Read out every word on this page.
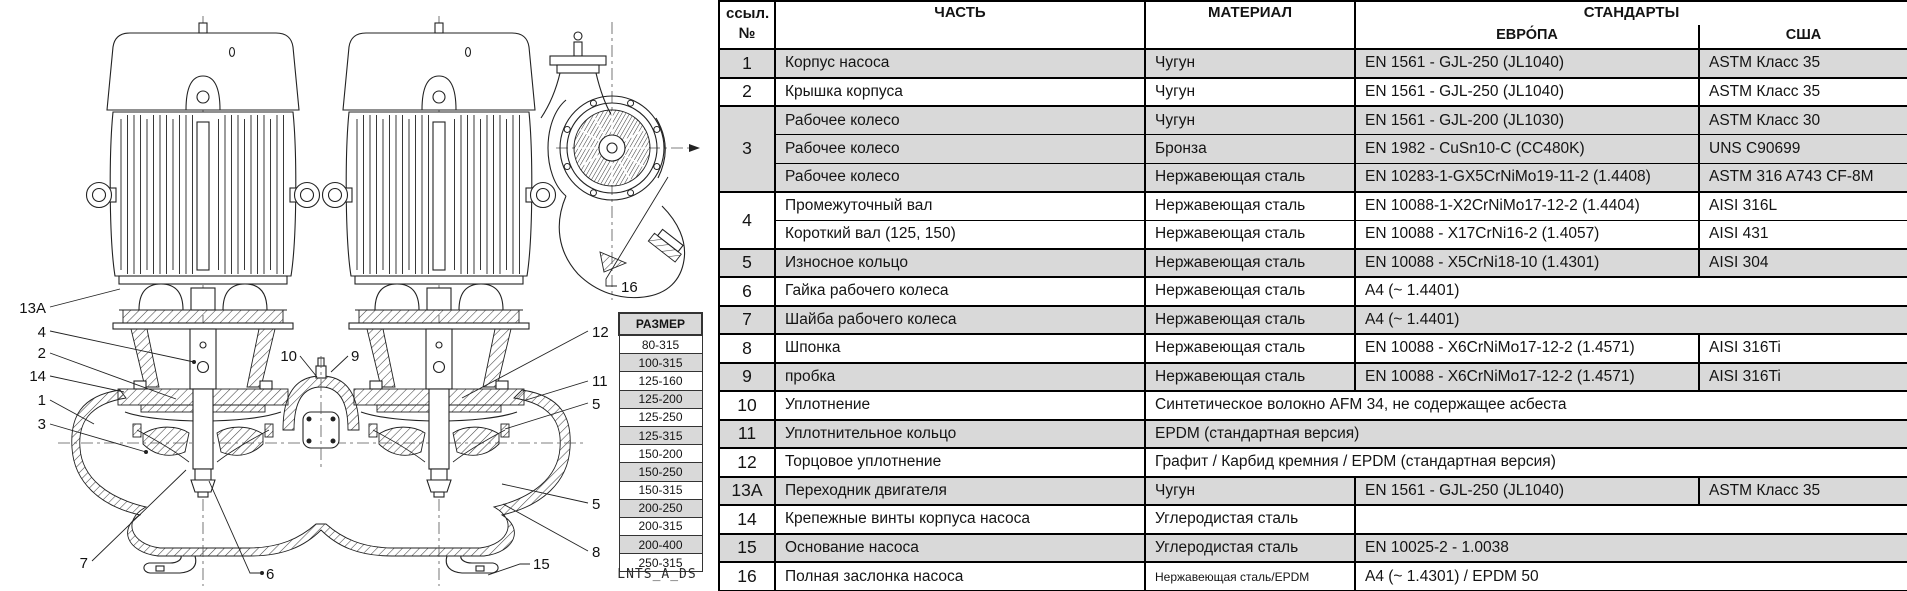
13A
4
2
14
1
3
7
6
10	9
12
11
5
5
8
15
16
РАЗМЕР
80-315
100-315
125-160
125-200
125-250
125-315
150-200
150-250
150-315
200-250
200-315
200-400
250-315
LNTS_A_DS
ссыл.
№	ЧАСТЬ	МАТЕРИАЛ	СТАНДАРТЫ	
			ЕВРО́ПА	США
1	Корпус насоса	Чугун	EN 1561 - GJL-250 (JL1040)	ASTM Класс 35
2	Крышка корпуса	Чугун	EN 1561 - GJL-250 (JL1040)	ASTM Класс 35
3	Рабочее колесо	Чугун	EN 1561 - GJL-200 (JL1030)	ASTM Класс 30
	Рабочее колесо	Бронза	EN 1982 - CuSn10-C (CC480K)	UNS C90699
	Рабочее колесо	Нержавеющая сталь	EN 10283-1-GX5CrNiMo19-11-2 (1.4408)	ASTM 316 A743 CF-8M
4	Промежуточный вал	Нержавеющая сталь	EN 10088-1-X2CrNiMo17-12-2 (1.4404)	AISI 316L
	Короткий вал (125, 150)	Нержавеющая сталь	EN 10088 - X17CrNi16-2 (1.4057)	AISI 431
5	Износное кольцо	Нержавеющая сталь	EN 10088 - X5CrNi18-10 (1.4301)	AISI 304
6	Гайка рабочего колеса	Нержавеющая сталь	A4 (~ 1.4401)	
7	Шайба рабочего колеса	Нержавеющая сталь	A4 (~ 1.4401)	
8	Шпонка	Нержавеющая сталь	EN 10088 - X6CrNiMo17-12-2 (1.4571)	AISI 316Ti
9	пробка	Нержавеющая сталь	EN 10088 - X6CrNiMo17-12-2 (1.4571)	AISI 316Ti
10	Уплотнение	Синтетическое волокно AFM 34, не содержащее асбеста		
11	Уплотнительное кольцо	EPDM (стандартная версия)		
12	Торцовое уплотнение	Графит / Карбид кремния / EPDM (стандартная версия)		
13A	Переходник двигателя	Чугун	EN 1561 - GJL-250 (JL1040)	ASTM Класс 35
14	Крепежные винты корпуса насоса	Углеродистая сталь		
15	Основание насоса	Углеродистая сталь	EN 10025-2 - 1.0038	
16	Полная заслонка насоса	Нержавеющая сталь/EPDM	A4 (~ 1.4301) / EPDM 50	
